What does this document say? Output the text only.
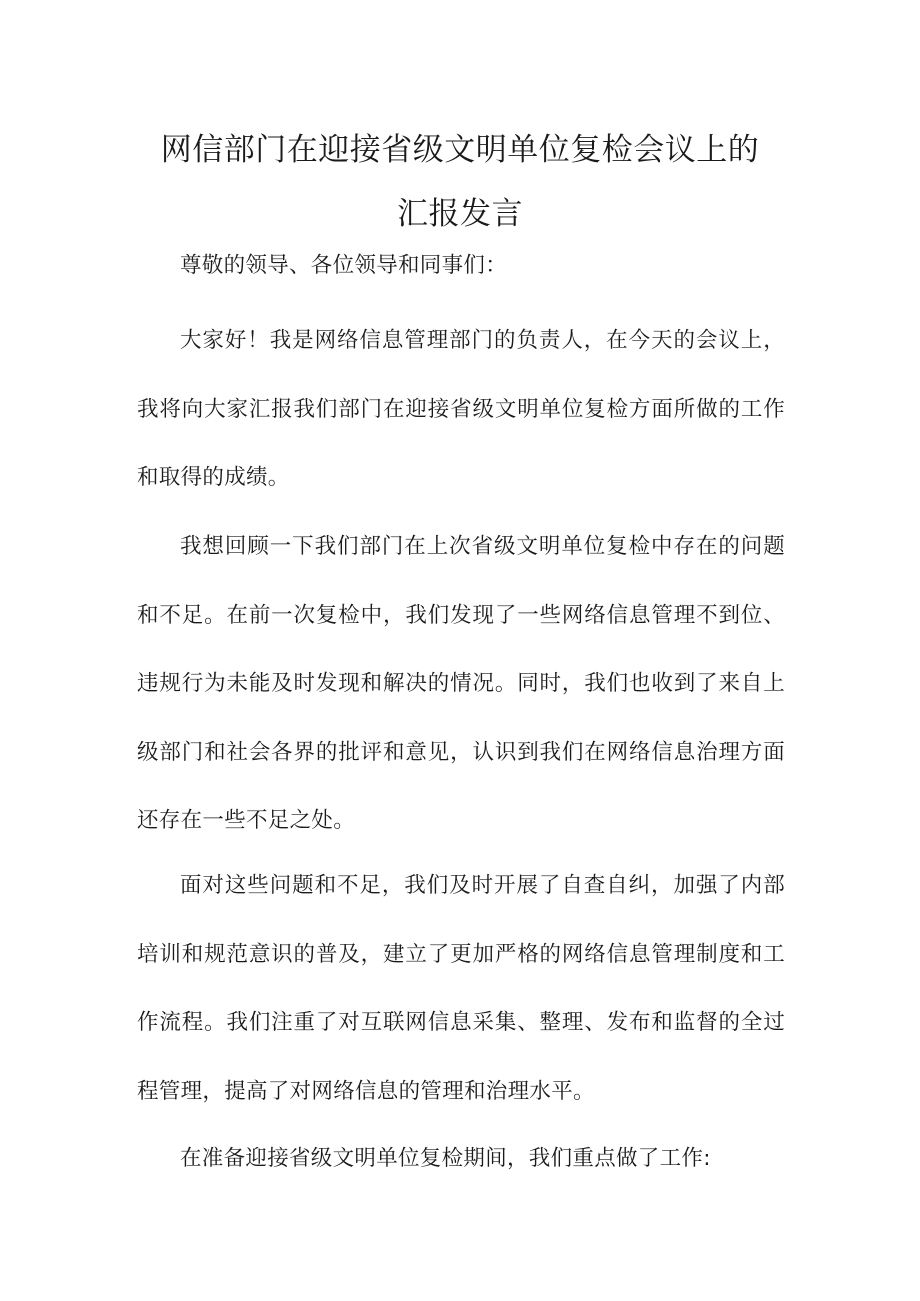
网信部门在迎接省级文明单位复检会议上的
汇报发言

尊敬的领导、各位领导和同事们：

大家好！我是网络信息管理部门的负责人，在今天的会议上，我将向大家汇报我们部门在迎接省级文明单位复检方面所做的工作和取得的成绩。

我想回顾一下我们部门在上次省级文明单位复检中存在的问题和不足。在前一次复检中，我们发现了一些网络信息管理不到位、违规行为未能及时发现和解决的情况。同时，我们也收到了来自上级部门和社会各界的批评和意见，认识到我们在网络信息治理方面还存在一些不足之处。

面对这些问题和不足，我们及时开展了自查自纠，加强了内部培训和规范意识的普及，建立了更加严格的网络信息管理制度和工作流程。我们注重了对互联网信息采集、整理、发布和监督的全过程管理，提高了对网络信息的管理和治理水平。

在准备迎接省级文明单位复检期间，我们重点做了工作:
